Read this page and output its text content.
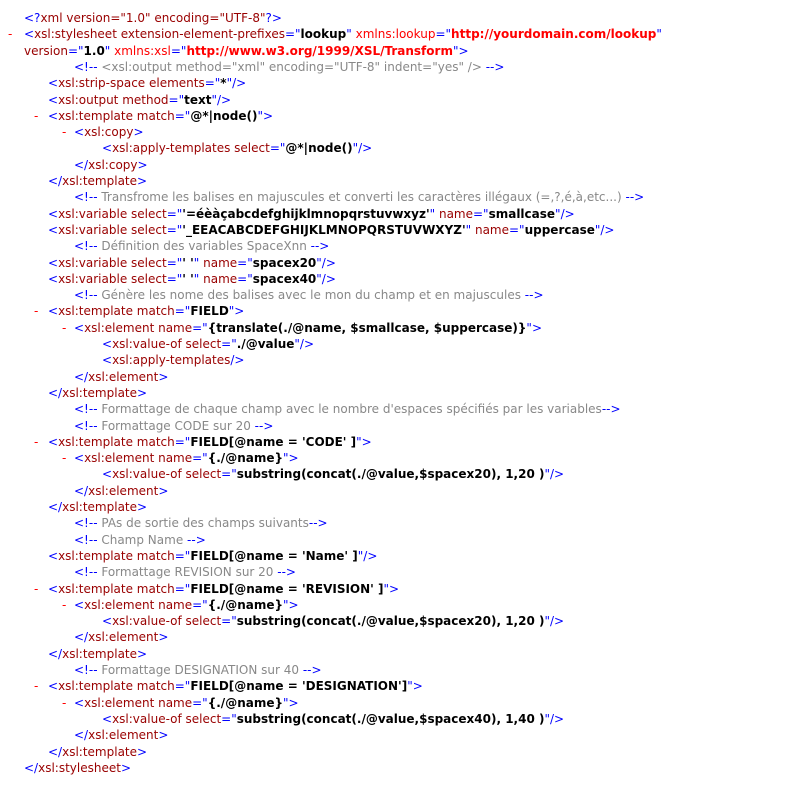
<?xml version="1.0" encoding="UTF-8"?>
- <xsl:stylesheet extension-element-prefixes="lookup" xmlns:lookup="http://yourdomain.com/lookup"
version="1.0" xmlns:xsl="http://www.w3.org/1999/XSL/Transform">
<!-- <xsl:output method="xml" encoding="UTF-8" indent="yes" /> -->
<xsl:strip-space elements="*"/>
<xsl:output method="text"/>
- <xsl:template match="@*|node()">
- <xsl:copy>
<xsl:apply-templates select="@*|node()"/>
</xsl:copy>
</xsl:template>
<!-- Transfrome les balises en majuscules et converti les caractères illégaux (=,?,é,à,etc...) -->
<xsl:variable select="'=éèàçabcdefghijklmnopqrstuvwxyz'" name="smallcase"/>
<xsl:variable select="'_EEACABCDEFGHIJKLMNOPQRSTUVWXYZ'" name="uppercase"/>
<!-- Définition des variables SpaceXnn -->
<xsl:variable select="' '" name="spacex20"/>
<xsl:variable select="' '" name="spacex40"/>
<!-- Génère les nome des balises avec le mon du champ et en majuscules -->
- <xsl:template match="FIELD">
- <xsl:element name="{translate(./@name, $smallcase, $uppercase)}">
<xsl:value-of select="./@value"/>
<xsl:apply-templates/>
</xsl:element>
</xsl:template>
<!-- Formattage de chaque champ avec le nombre d'espaces spécifiés par les variables-->
<!-- Formattage CODE sur 20 -->
- <xsl:template match="FIELD[@name = 'CODE' ]">
- <xsl:element name="{./@name}">
<xsl:value-of select="substring(concat(./@value,$spacex20), 1,20 )"/>
</xsl:element>
</xsl:template>
<!-- PAs de sortie des champs suivants-->
<!-- Champ Name -->
<xsl:template match="FIELD[@name = 'Name' ]"/>
<!-- Formattage REVISION sur 20 -->
- <xsl:template match="FIELD[@name = 'REVISION' ]">
- <xsl:element name="{./@name}">
<xsl:value-of select="substring(concat(./@value,$spacex20), 1,20 )"/>
</xsl:element>
</xsl:template>
<!-- Formattage DESIGNATION sur 40 -->
- <xsl:template match="FIELD[@name = 'DESIGNATION']">
- <xsl:element name="{./@name}">
<xsl:value-of select="substring(concat(./@value,$spacex40), 1,40 )"/>
</xsl:element>
</xsl:template>
</xsl:stylesheet>
